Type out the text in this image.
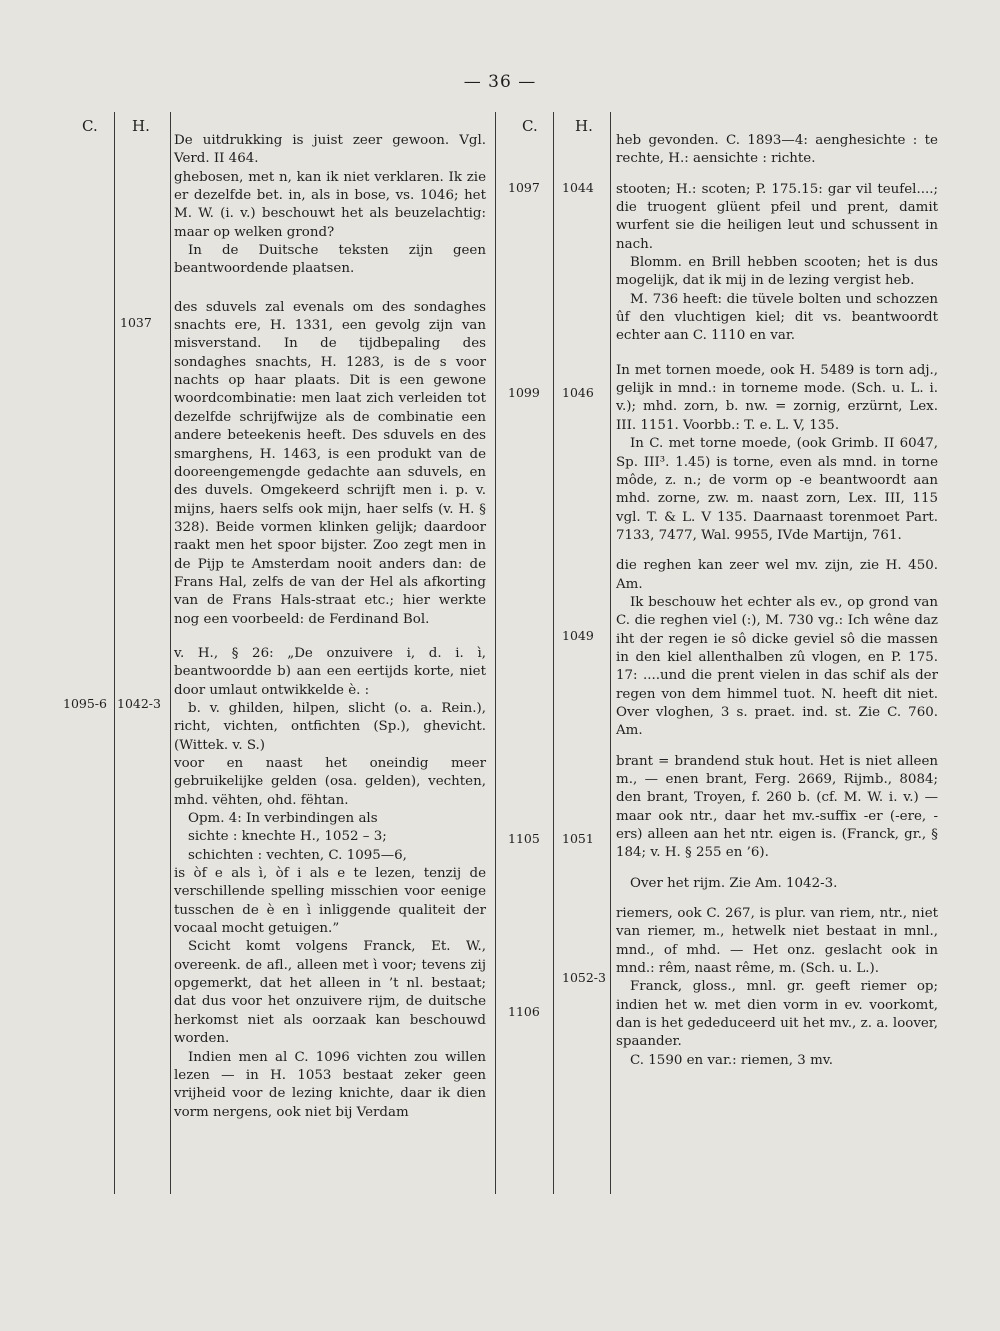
— 36 —
C. H.	C. H.
1037
1095-6 1042-3
1097 1044
1099 1046
1049
1105 1051
1052-3
1106

De uitdrukking is juist zeer gewoon. Vgl. Verd. II 464.

ghebosen, met n, kan ik niet verklaren. Ik zie er dezelfde bet. in, als in bose, vs. 1046; het M. W. (i. v.) beschouwt het als beuzelachtig: maar op welken grond?

In de Duitsche teksten zijn geen beantwoordende plaatsen.

des sduvels zal evenals om des sondaghes snachts ere, H. 1331, een gevolg zijn van misverstand. In de tijdbepaling des sondaghes snachts, H. 1283, is de s voor nachts op haar plaats. Dit is een gewone woordcombinatie: men laat zich verleiden tot dezelfde schrijfwijze als de combinatie een andere beteekenis heeft. Des sduvels en des smarghens, H. 1463, is een produkt van de dooreengemengde gedachte aan sduvels, en des duvels. Omgekeerd schrijft men i. p. v. mijns, haers selfs ook mijn, haer selfs (v. H. § 328). Beide vormen klinken gelijk; daardoor raakt men het spoor bijster. Zoo zegt men in de Pijp te Amsterdam nooit anders dan: de Frans Hal, zelfs de van der Hel als afkorting van de Frans Hals-straat etc.; hier werkte nog een voorbeeld: de Ferdinand Bol.

v. H., § 26: „De onzuivere i, d. i. ì, beantwoordde b) aan een eertijds korte, niet door umlaut ontwikkelde è. :

b. v. ghilden, hilpen, slicht (o. a. Rein.), richt, vichten, ontfichten (Sp.), ghevicht. (Wittek. v. S.)

voor en naast het oneindig meer gebruikelijke gelden (osa. gelden), vechten, mhd. vëhten, ohd. fëhtan.

Opm. 4: In verbindingen als

sichte : knechte H., 1052 – 3;

schichten : vechten, C. 1095—6,

is òf e als ì, òf i als e te lezen, tenzij de verschillende spelling misschien voor eenige tusschen de è en ì inliggende qualiteit der vocaal mocht getuigen.”

Scicht komt volgens Franck, Et. W., overeenk. de afl., alleen met ì voor; tevens zij opgemerkt, dat het alleen in ’t nl. bestaat; dat dus voor het onzuivere rijm, de duitsche herkomst niet als oorzaak kan beschouwd worden.

Indien men al C. 1096 vichten zou willen lezen — in H. 1053 bestaat zeker geen vrijheid voor de lezing knichte, daar ik dien vorm nergens, ook niet bij Verdam

heb gevonden. C. 1893—4: aenghesichte : te rechte, H.: aensichte : richte.

stooten; H.: scoten; P. 175.15: gar vil teufel....; die truogent glüent pfeil und prent, damit wurfent sie die heiligen leut und schussent in nach.

Blomm. en Brill hebben scooten; het is dus mogelijk, dat ik mij in de lezing vergist heb.

M. 736 heeft: die tüvele bolten und schozzen ûf den vluchtigen kiel; dit vs. beantwoordt echter aan C. 1110 en var.

In met tornen moede, ook H. 5489 is torn adj., gelijk in mnd.: in torneme mode. (Sch. u. L. i. v.); mhd. zorn, b. nw. = zornig, erzürnt, Lex. III. 1151. Voorbb.: T. e. L. V, 135.

In C. met torne moede, (ook Grimb. II 6047, Sp. III³. 1.45) is torne, even als mnd. in torne môde, z. n.; de vorm op -e beantwoordt aan mhd. zorne, zw. m. naast zorn, Lex. III, 115 vgl. T. & L. V 135. Daarnaast torenmoet Part. 7133, 7477, Wal. 9955, IVde Martijn, 761.

die reghen kan zeer wel mv. zijn, zie H. 450. Am.

Ik beschouw het echter als ev., op grond van C. die reghen viel (:), M. 730 vg.: Ich wêne daz iht der regen ie sô dicke geviel sô die massen in den kiel allenthalben zû vlogen, en P. 175. 17: ....und die prent vielen in das schif als der regen von dem himmel tuot. N. heeft dit niet. Over vloghen, 3 s. praet. ind. st. Zie C. 760. Am.

brant = brandend stuk hout. Het is niet alleen m., — enen brant, Ferg. 2669, Rijmb., 8084; den brant, Troyen, f. 260 b. (cf. M. W. i. v.) — maar ook ntr., daar het mv.-suffix -er (-ere, -ers) alleen aan het ntr. eigen is. (Franck, gr., § 184; v. H. § 255 en ’6).

Over het rijm. Zie Am. 1042-3.

riemers, ook C. 267, is plur. van riem, ntr., niet van riemer, m., hetwelk niet bestaat in mnl., mnd., of mhd. — Het onz. geslacht ook in mnd.: rêm, naast rême, m. (Sch. u. L.).

Franck, gloss., mnl. gr. geeft riemer op; indien het w. met dien vorm in ev. voorkomt, dan is het gededuceerd uit het mv., z. a. loover, spaander.

C. 1590 en var.: riemen, 3 mv.
